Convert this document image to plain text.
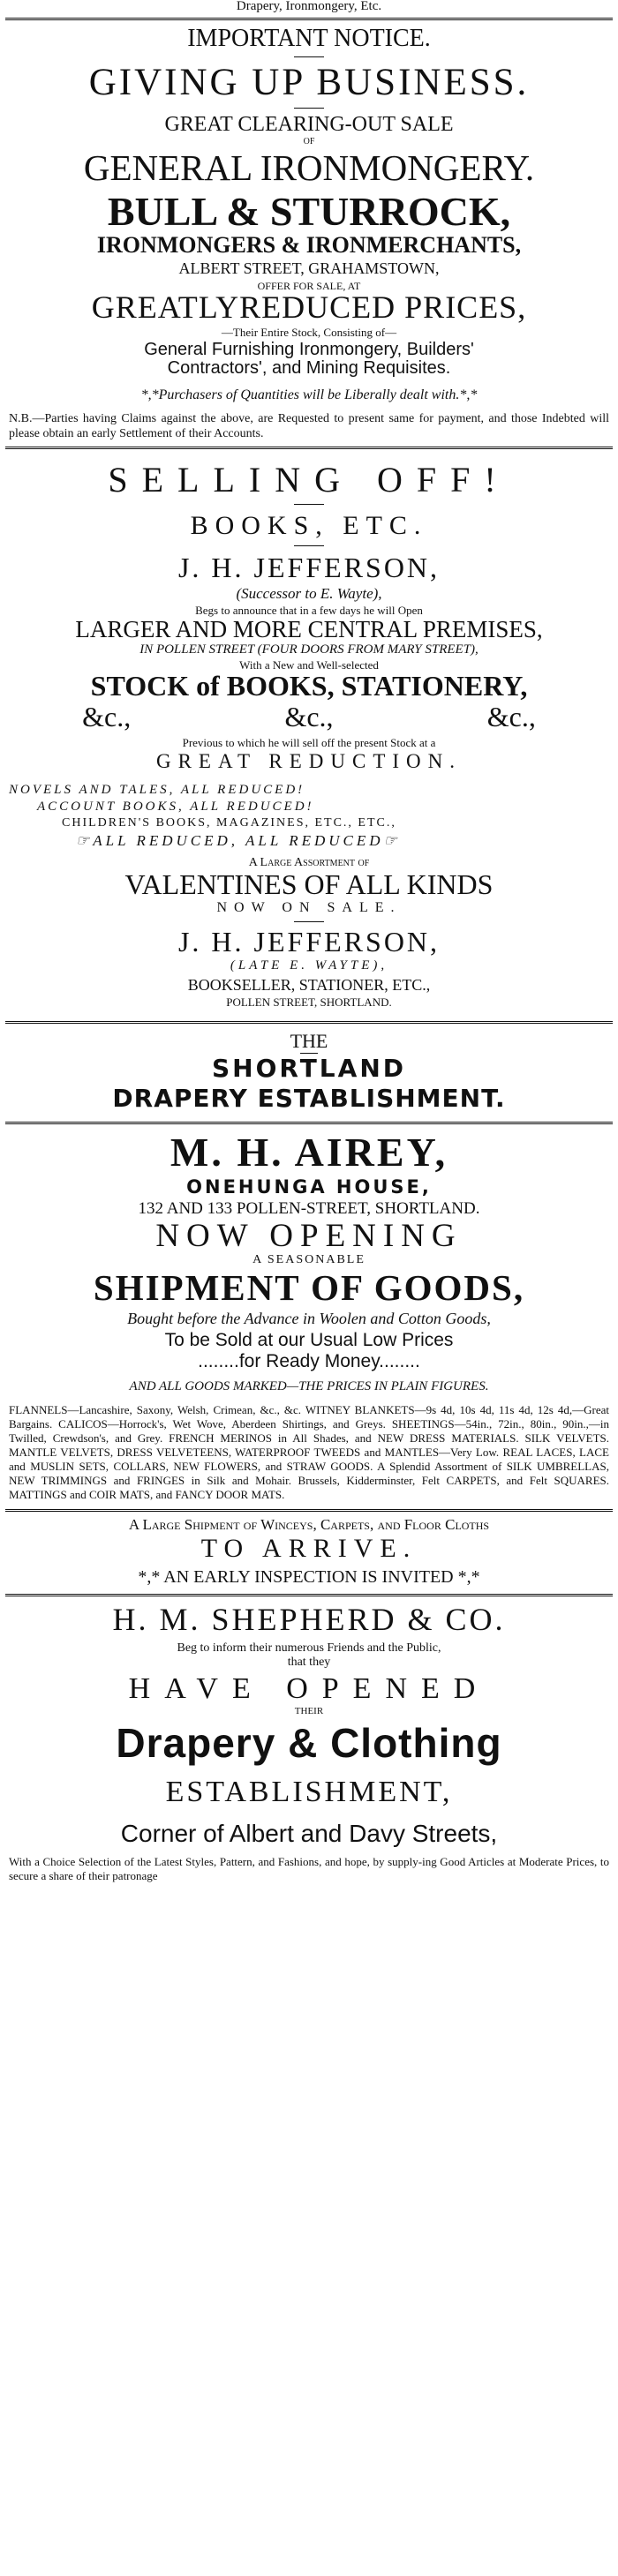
Drapery, Ironmongery, Etc.

IMPORTANT NOTICE.

GIVING UP BUSINESS.

GREAT CLEARING-OUT SALE

OF

GENERAL IRONMONGERY.

BULL & STURROCK,

IRONMONGERS & IRONMERCHANTS,

ALBERT STREET, GRAHAMSTOWN,

OFFER FOR SALE, AT

GREATLYREDUCED PRICES,

—Their Entire Stock, Consisting of—

General Furnishing Ironmongery, Builders'

Contractors', and Mining Requisites.

*,*Purchasers of Quantities will be Liberally dealt with.*,*

N.B.—Parties having Claims against the above, are Requested to present same for payment, and those Indebted will please obtain an early Settlement of their Accounts.

SELLING OFF!

BOOKS, ETC.

J. H. JEFFERSON,

(Successor to E. Wayte),

Begs to announce that in a few days he will Open

LARGER AND MORE CENTRAL PREMISES,

IN POLLEN STREET (FOUR DOORS FROM MARY STREET),

With a New and Well-selected

STOCK of BOOKS, STATIONERY,

&c.,	&c.,	&c.,

Previous to which he will sell off the present Stock at a

GREAT REDUCTION.

NOVELS AND TALES, ALL REDUCED!

ACCOUNT BOOKS, ALL REDUCED!

CHILDREN'S BOOKS, MAGAZINES, ETC., ETC.,

☞ALL REDUCED, ALL REDUCED☞

A Large Assortment of

VALENTINES OF ALL KINDS

NOW ON SALE.

J. H. JEFFERSON,

(LATE E. WAYTE),

BOOKSELLER, STATIONER, ETC.,

POLLEN STREET, SHORTLAND.

THE

SHORTLAND

DRAPERY ESTABLISHMENT.

M. H. AIREY,

ONEHUNGA HOUSE,

132 AND 133 POLLEN-STREET, SHORTLAND.

NOW OPENING

A SEASONABLE

SHIPMENT OF GOODS,

Bought before the Advance in Woolen and Cotton Goods,

To be Sold at our Usual Low Prices

........for Ready Money........

AND ALL GOODS MARKED—THE PRICES IN PLAIN FIGURES.

FLANNELS—Lancashire, Saxony, Welsh, Crimean, &c., &c. WITNEY BLANKETS—9s 4d, 10s 4d, 11s 4d, 12s 4d,—Great Bargains. CALICOS—Horrock's, Wet Wove, Aberdeen Shirtings, and Greys. SHEETINGS—54in., 72in., 80in., 90in.,—in Twilled, Crewdson's, and Grey. FRENCH MERINOS in All Shades, and NEW DRESS MATERIALS. SILK VELVETS. MANTLE VELVETS, DRESS VELVETEENS, WATERPROOF TWEEDS and MANTLES—Very Low. REAL LACES, LACE and MUSLIN SETS, COLLARS, NEW FLOWERS, and STRAW GOODS. A Splendid Assortment of SILK UMBRELLAS, NEW TRIMMINGS and FRINGES in Silk and Mohair. Brussels, Kidderminster, Felt CARPETS, and Felt SQUARES. MATTINGS and COIR MATS, and FANCY DOOR MATS.

A Large Shipment of Winceys, Carpets, and Floor Cloths

TO ARRIVE.

*,* AN EARLY INSPECTION IS INVITED *,*

H. M. SHEPHERD & CO.

Beg to inform their numerous Friends and the Public,

that they

HAVE OPENED

THEIR

Drapery & Clothing

ESTABLISHMENT,

Corner of Albert and Davy Streets,

With a Choice Selection of the Latest Styles, Pattern, and Fashions, and hope, by supply-ing Good Articles at Moderate Prices, to secure a share of their patronage
